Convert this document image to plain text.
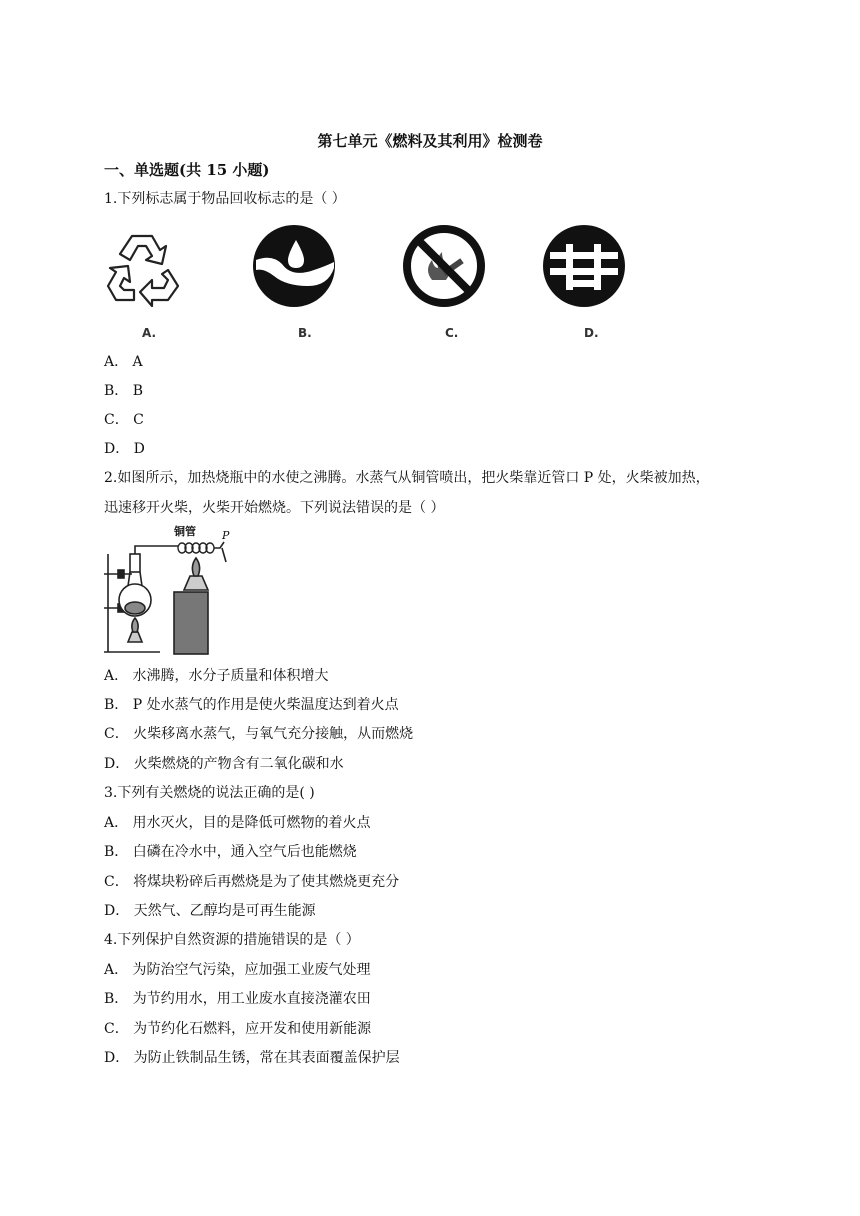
第七单元《燃料及其利用》检测卷
一、单选题(共 15 小题)
1.下列标志属于物品回收标志的是（ ）
A.	B.	C.	D.
A． A
B． B
C． C
D． D
2.如图所示，加热烧瓶中的水使之沸腾。水蒸气从铜管喷出，把火柴靠近管口 P 处，火柴被加热，
迅速移开火柴，火柴开始燃烧。下列说法错误的是（ ）
铜管 P
A． 水沸腾，水分子质量和体积增大
B． P 处水蒸气的作用是使火柴温度达到着火点
C． 火柴移离水蒸气，与氧气充分接触，从而燃烧
D． 火柴燃烧的产物含有二氧化碳和水
3.下列有关燃烧的说法正确的是( )
A． 用水灭火，目的是降低可燃物的着火点
B． 白磷在冷水中，通入空气后也能燃烧
C． 将煤块粉碎后再燃烧是为了使其燃烧更充分
D． 天然气、乙醇均是可再生能源
4.下列保护自然资源的措施错误的是（ ）
A． 为防治空气污染，应加强工业废气处理
B． 为节约用水，用工业废水直接浇灌农田
C． 为节约化石燃料，应开发和使用新能源
D． 为防止铁制品生锈，常在其表面覆盖保护层
